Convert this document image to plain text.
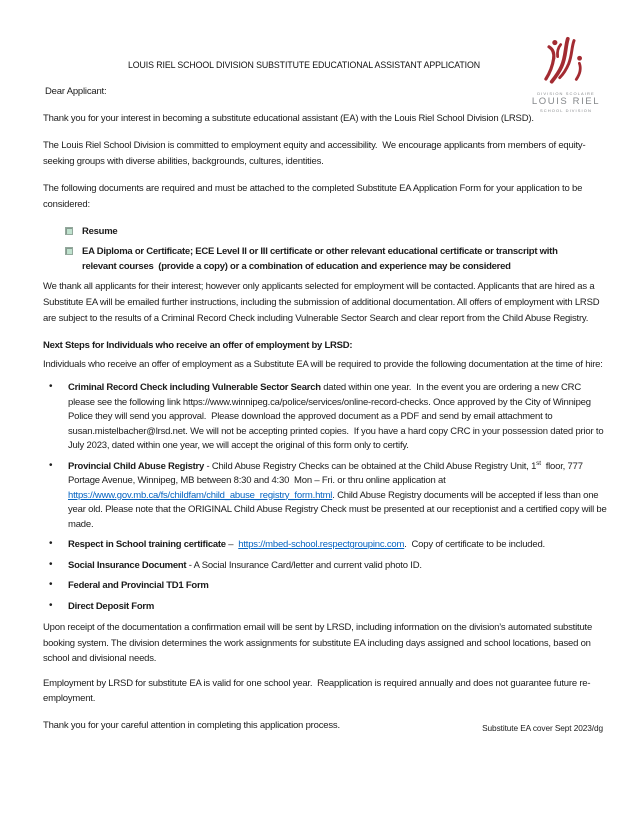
LOUIS RIEL SCHOOL DIVISION SUBSTITUTE EDUCATIONAL ASSISTANT APPLICATION
DIVISION SCOLAIRE
LOUIS RIEL
SCHOOL DIVISION
Dear Applicant:

Thank you for your interest in becoming a substitute educational assistant (EA) with the Louis Riel School Division (LRSD).

The Louis Riel School Division is committed to employment equity and accessibility.  We encourage applicants from members of equity-seeking groups with diverse abilities, backgrounds, cultures, identities.

The following documents are required and must be attached to the completed Substitute EA Application Form for your application to be considered:

Resume
EA Diploma or Certificate; ECE Level II or III certificate or other relevant educational certificate or transcript with relevant courses  (provide a copy) or a combination of education and experience may be considered

We thank all applicants for their interest; however only applicants selected for employment will be contacted. Applicants that are hired as a Substitute EA will be emailed further instructions, including the submission of additional documentation. All offers of employment with LRSD are subject to the results of a Criminal Record Check including Vulnerable Sector Search and clear report from the Child Abuse Registry.

Next Steps for Individuals who receive an offer of employment by LRSD:
Individuals who receive an offer of employment as a Substitute EA will be required to provide the following documentation at the time of hire:
• Criminal Record Check including Vulnerable Sector Search dated within one year.  In the event you are ordering a new CRC please see the following link https://www.winnipeg.ca/police/services/online-record-checks. Once approved by the City of Winnipeg Police they will send you approval.  Please download the approved document as a PDF and send by email attachment to susan.mistelbacher@lrsd.net. We will not be accepting printed copies.  If you have a hard copy CRC in your possession dated prior to July 2023, dated within one year, we will accept the original of this form only to certify.
• Provincial Child Abuse Registry - Child Abuse Registry Checks can be obtained at the Child Abuse Registry Unit, 1st  floor, 777 Portage Avenue, Winnipeg, MB between 8:30 and 4:30  Mon – Fri. or thru online application at https://www.gov.mb.ca/fs/childfam/child_abuse_registry_form.html. Child Abuse Registry documents will be accepted if less than one year old. Please note that the ORIGINAL Child Abuse Registry Check must be presented at our receptionist and a certified copy will be made.
• Respect in School training certificate –  https://mbed-school.respectgroupinc.com.  Copy of certificate to be included.
• Social Insurance Document - A Social Insurance Card/letter and current valid photo ID.
• Federal and Provincial TD1 Form
• Direct Deposit Form

Upon receipt of the documentation a confirmation email will be sent by LRSD, including information on the division’s automated substitute booking system. The division determines the work assignments for substitute EA including days assigned and school locations, based on school and divisional needs.

Employment by LRSD for substitute EA is valid for one school year.  Reapplication is required annually and does not guarantee future re-employment.

Thank you for your careful attention in completing this application process.	Substitute EA cover Sept 2023/dg
